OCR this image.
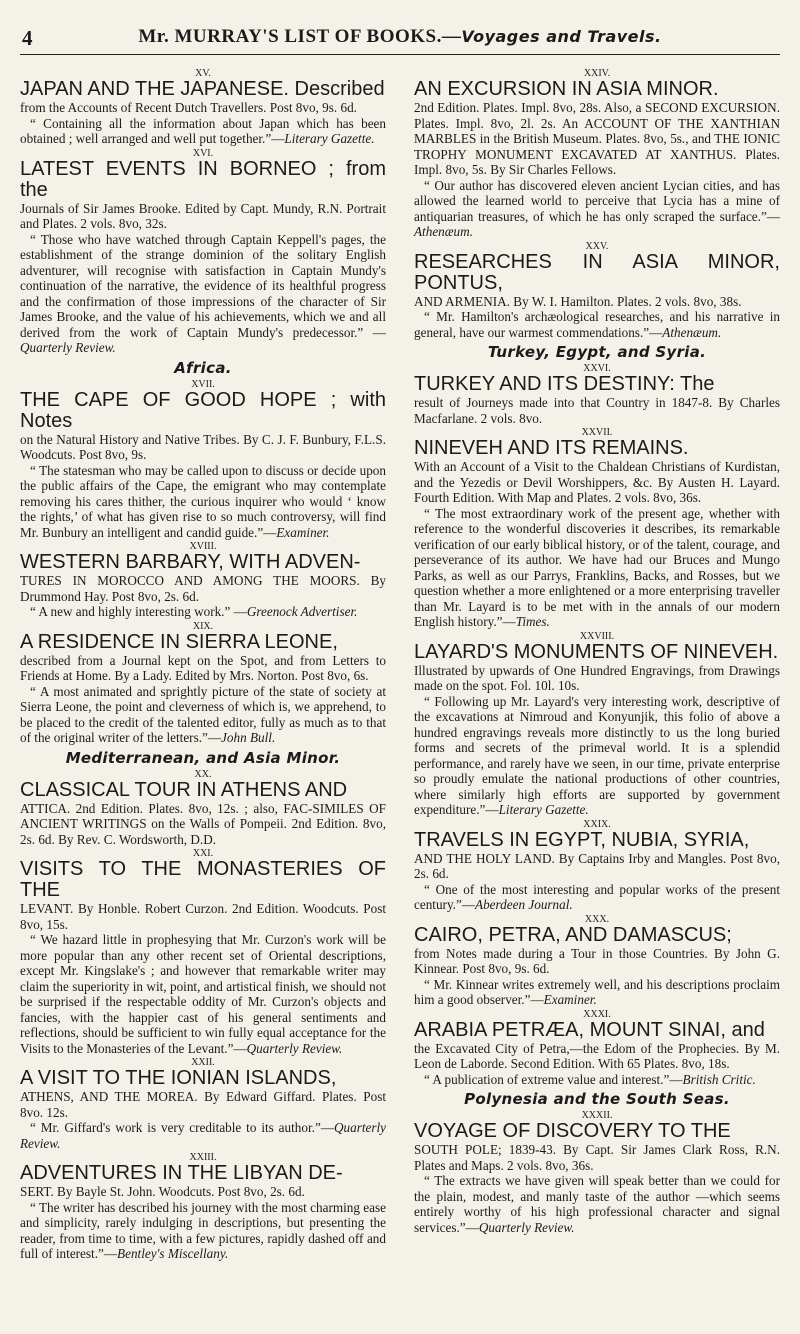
4	Mr. MURRAY'S LIST OF BOOKS.—Voyages and Travels.
XV.
JAPAN AND THE JAPANESE. Described
from the Accounts of Recent Dutch Travellers. Post 8vo, 9s. 6d.
“ Containing all the information about Japan which has been obtained ; well arranged and well put together.”—Literary Gazette.
XVI.
LATEST EVENTS IN BORNEO ; from the
Journals of Sir James Brooke. Edited by Capt. Mundy, R.N. Portrait and Plates. 2 vols. 8vo, 32s.
“ Those who have watched through Captain Keppell's pages, the establishment of the strange dominion of the solitary English adventurer, will recognise with satisfaction in Captain Mundy's continuation of the narrative, the evidence of its healthful progress and the confirmation of those impressions of the character of Sir James Brooke, and the value of his achievements, which we and all derived from the work of Captain Mundy's predecessor.” —Quarterly Review.
Africa.
XVII.
THE CAPE OF GOOD HOPE ; with Notes
on the Natural History and Native Tribes. By C. J. F. Bunbury, F.L.S. Woodcuts. Post 8vo, 9s.
“ The statesman who may be called upon to discuss or decide upon the public affairs of the Cape, the emigrant who may contemplate removing his cares thither, the curious inquirer who would ‘ know the rights,’ of what has given rise to so much controversy, will find Mr. Bunbury an intelligent and candid guide.”—Examiner.
XVIII.
WESTERN BARBARY, WITH ADVEN-
TURES IN MOROCCO AND AMONG THE MOORS. By Drummond Hay. Post 8vo, 2s. 6d.
“ A new and highly interesting work.” —Greenock Advertiser.
XIX.
A RESIDENCE IN SIERRA LEONE,
described from a Journal kept on the Spot, and from Letters to Friends at Home. By a Lady. Edited by Mrs. Norton. Post 8vo, 6s.
“ A most animated and sprightly picture of the state of society at Sierra Leone, the point and cleverness of which is, we apprehend, to be placed to the credit of the talented editor, fully as much as to that of the original writer of the letters.”—John Bull.
Mediterranean, and Asia Minor.
XX.
CLASSICAL TOUR IN ATHENS AND
ATTICA. 2nd Edition. Plates. 8vo, 12s. ; also, FAC-SIMILES OF ANCIENT WRITINGS on the Walls of Pompeii. 2nd Edition. 8vo, 2s. 6d. By Rev. C. Wordsworth, D.D.
XXI.
VISITS TO THE MONASTERIES OF THE
LEVANT. By Honble. Robert Curzon. 2nd Edition. Woodcuts. Post 8vo, 15s.
“ We hazard little in prophesying that Mr. Curzon's work will be more popular than any other recent set of Oriental descriptions, except Mr. Kingslake's ; and however that remarkable writer may claim the superiority in wit, point, and artistical finish, we should not be surprised if the respectable oddity of Mr. Curzon's objects and fancies, with the happier cast of his general sentiments and reflections, should be sufficient to win fully equal acceptance for the Visits to the Monasteries of the Levant.”—Quarterly Review.
XXII.
A VISIT TO THE IONIAN ISLANDS,
ATHENS, AND THE MOREA. By Edward Giffard. Plates. Post 8vo. 12s.
“ Mr. Giffard's work is very creditable to its author.”—Quarterly Review.
XXIII.
ADVENTURES IN THE LIBYAN DE-
SERT. By Bayle St. John. Woodcuts. Post 8vo, 2s. 6d.
“ The writer has described his journey with the most charming ease and simplicity, rarely indulging in descriptions, but presenting the reader, from time to time, with a few pictures, rapidly dashed off and full of interest.”—Bentley's Miscellany.
XXIV.
AN EXCURSION IN ASIA MINOR.
2nd Edition. Plates. Impl. 8vo, 28s. Also, a SECOND EXCURSION. Plates. Impl. 8vo, 2l. 2s. An ACCOUNT OF THE XANTHIAN MARBLES in the British Museum. Plates. 8vo, 5s., and THE IONIC TROPHY MONUMENT EXCAVATED AT XANTHUS. Plates. Impl. 8vo, 5s. By Sir Charles Fellows.
“ Our author has discovered eleven ancient Lycian cities, and has allowed the learned world to perceive that Lycia has a mine of antiquarian treasures, of which he has only scraped the surface.”—Athenæum.
XXV.
RESEARCHES IN ASIA MINOR, PONTUS,
AND ARMENIA. By W. I. Hamilton. Plates. 2 vols. 8vo, 38s.
“ Mr. Hamilton's archæological researches, and his narrative in general, have our warmest commendations.”—Athenæum.
Turkey, Egypt, and Syria.
XXVI.
TURKEY AND ITS DESTINY: The
result of Journeys made into that Country in 1847-8. By Charles Macfarlane. 2 vols. 8vo.
XXVII.
NINEVEH AND ITS REMAINS.
With an Account of a Visit to the Chaldean Christians of Kurdistan, and the Yezedis or Devil Worshippers, &c. By Austen H. Layard. Fourth Edition. With Map and Plates. 2 vols. 8vo, 36s.
“ The most extraordinary work of the present age, whether with reference to the wonderful discoveries it describes, its remarkable verification of our early biblical history, or of the talent, courage, and perseverance of its author. We have had our Bruces and Mungo Parks, as well as our Parrys, Franklins, Backs, and Rosses, but we question whether a more enlightened or a more enterprising traveller than Mr. Layard is to be met with in the annals of our modern English history.”—Times.
XXVIII.
LAYARD'S MONUMENTS OF NINEVEH.
Illustrated by upwards of One Hundred Engravings, from Drawings made on the spot. Fol. 10l. 10s.
“ Following up Mr. Layard's very interesting work, descriptive of the excavations at Nimroud and Konyunjik, this folio of above a hundred engravings reveals more distinctly to us the long buried forms and secrets of the primeval world. It is a splendid performance, and rarely have we seen, in our time, private enterprise so proudly emulate the national productions of other countries, where similarly high efforts are supported by government expenditure.”—Literary Gazette.
XXIX.
TRAVELS IN EGYPT, NUBIA, SYRIA,
AND THE HOLY LAND. By Captains Irby and Mangles. Post 8vo, 2s. 6d.
“ One of the most interesting and popular works of the present century.”—Aberdeen Journal.
XXX.
CAIRO, PETRA, AND DAMASCUS;
from Notes made during a Tour in those Countries. By John G. Kinnear. Post 8vo, 9s. 6d.
“ Mr. Kinnear writes extremely well, and his descriptions proclaim him a good observer.”—Examiner.
XXXI.
ARABIA PETRÆA, MOUNT SINAI, and
the Excavated City of Petra,—the Edom of the Prophecies. By M. Leon de Laborde. Second Edition. With 65 Plates. 8vo, 18s.
“ A publication of extreme value and interest.”—British Critic.
Polynesia and the South Seas.
XXXII.
VOYAGE OF DISCOVERY TO THE
SOUTH POLE; 1839-43. By Capt. Sir James Clark Ross, R.N. Plates and Maps. 2 vols. 8vo, 36s.
“ The extracts we have given will speak better than we could for the plain, modest, and manly taste of the author —which seems entirely worthy of his high professional character and signal services.”—Quarterly Review.
